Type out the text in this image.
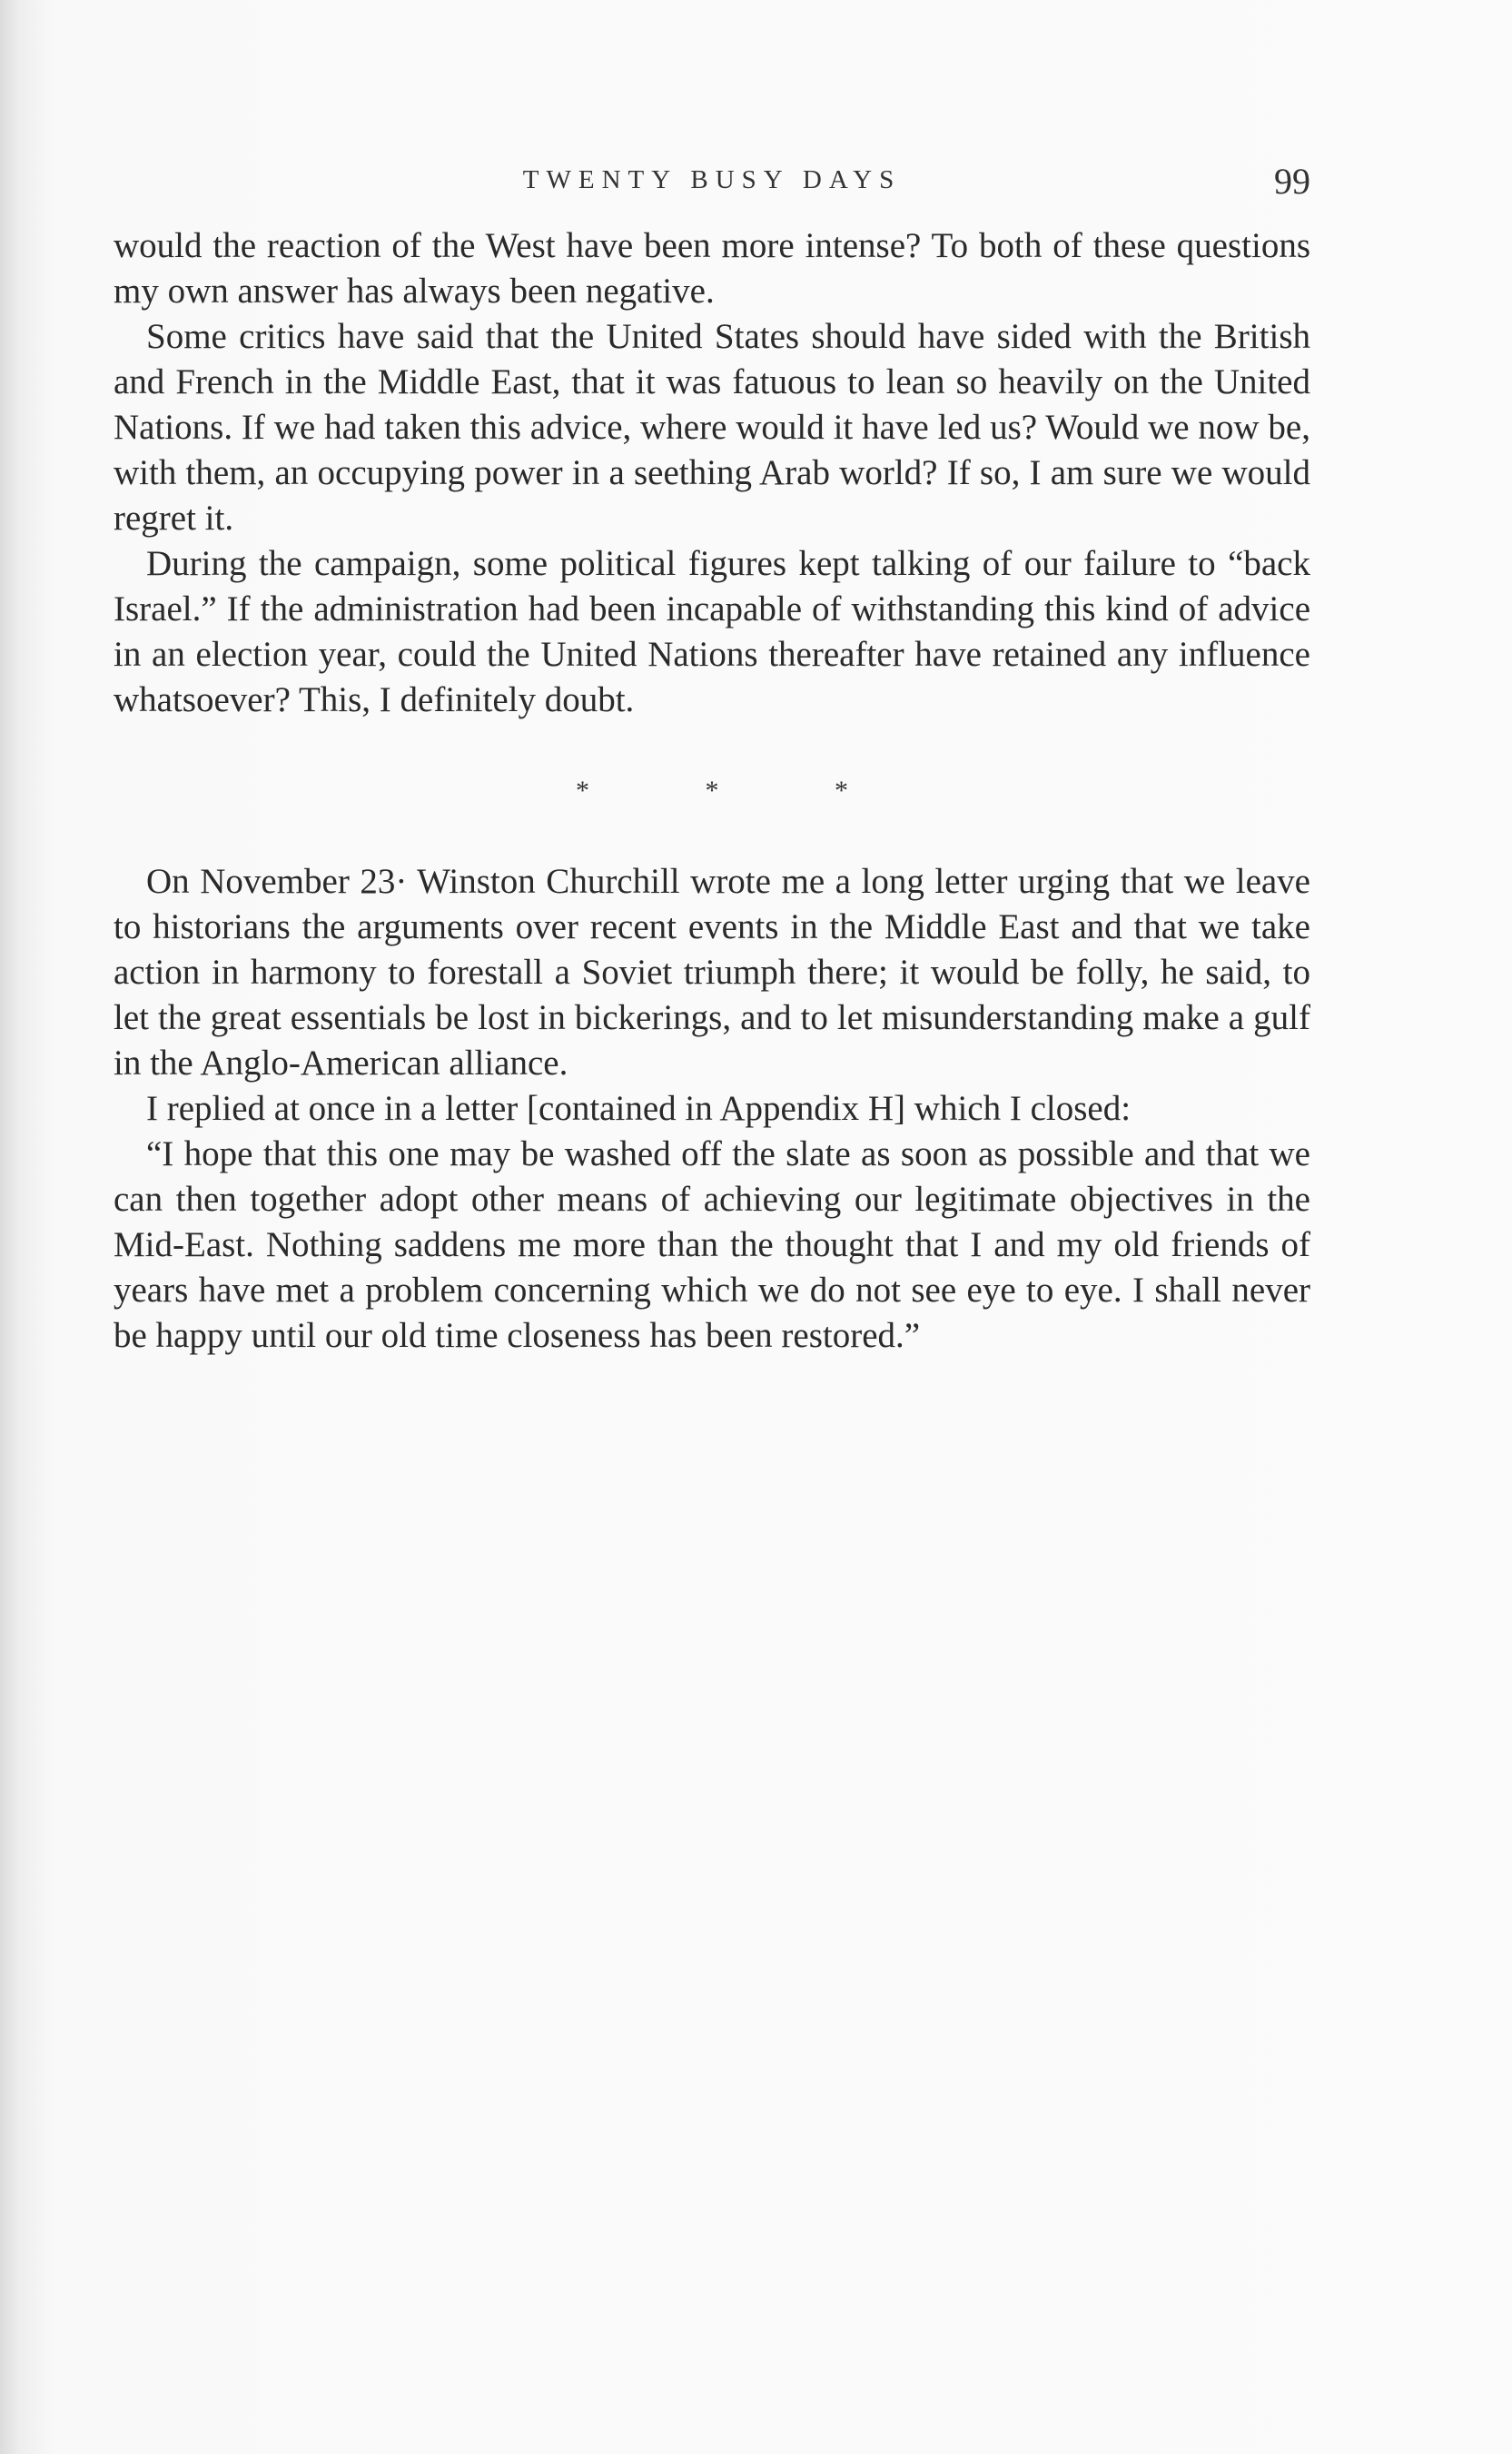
TWENTY BUSY DAYS	99

would the reaction of the West have been more intense? To both of these questions my own answer has always been negative.

Some critics have said that the United States should have sided with the British and French in the Middle East, that it was fatuous to lean so heavily on the United Nations. If we had taken this advice, where would it have led us? Would we now be, with them, an occupying power in a seething Arab world? If so, I am sure we would regret it.

During the campaign, some political figures kept talking of our failure to “back Israel.” If the administration had been incapable of withstanding this kind of advice in an election year, could the United Nations thereafter have retained any influence whatsoever? This, I definitely doubt.

* * *

On November 23· Winston Churchill wrote me a long letter urging that we leave to historians the arguments over recent events in the Middle East and that we take action in harmony to forestall a Soviet triumph there; it would be folly, he said, to let the great essentials be lost in bickerings, and to let misunderstanding make a gulf in the Anglo-American alliance.

I replied at once in a letter [contained in Appendix H] which I closed:

“I hope that this one may be washed off the slate as soon as possible and that we can then together adopt other means of achieving our legitimate objectives in the Mid-East. Nothing saddens me more than the thought that I and my old friends of years have met a problem concerning which we do not see eye to eye. I shall never be happy until our old time closeness has been restored.”
